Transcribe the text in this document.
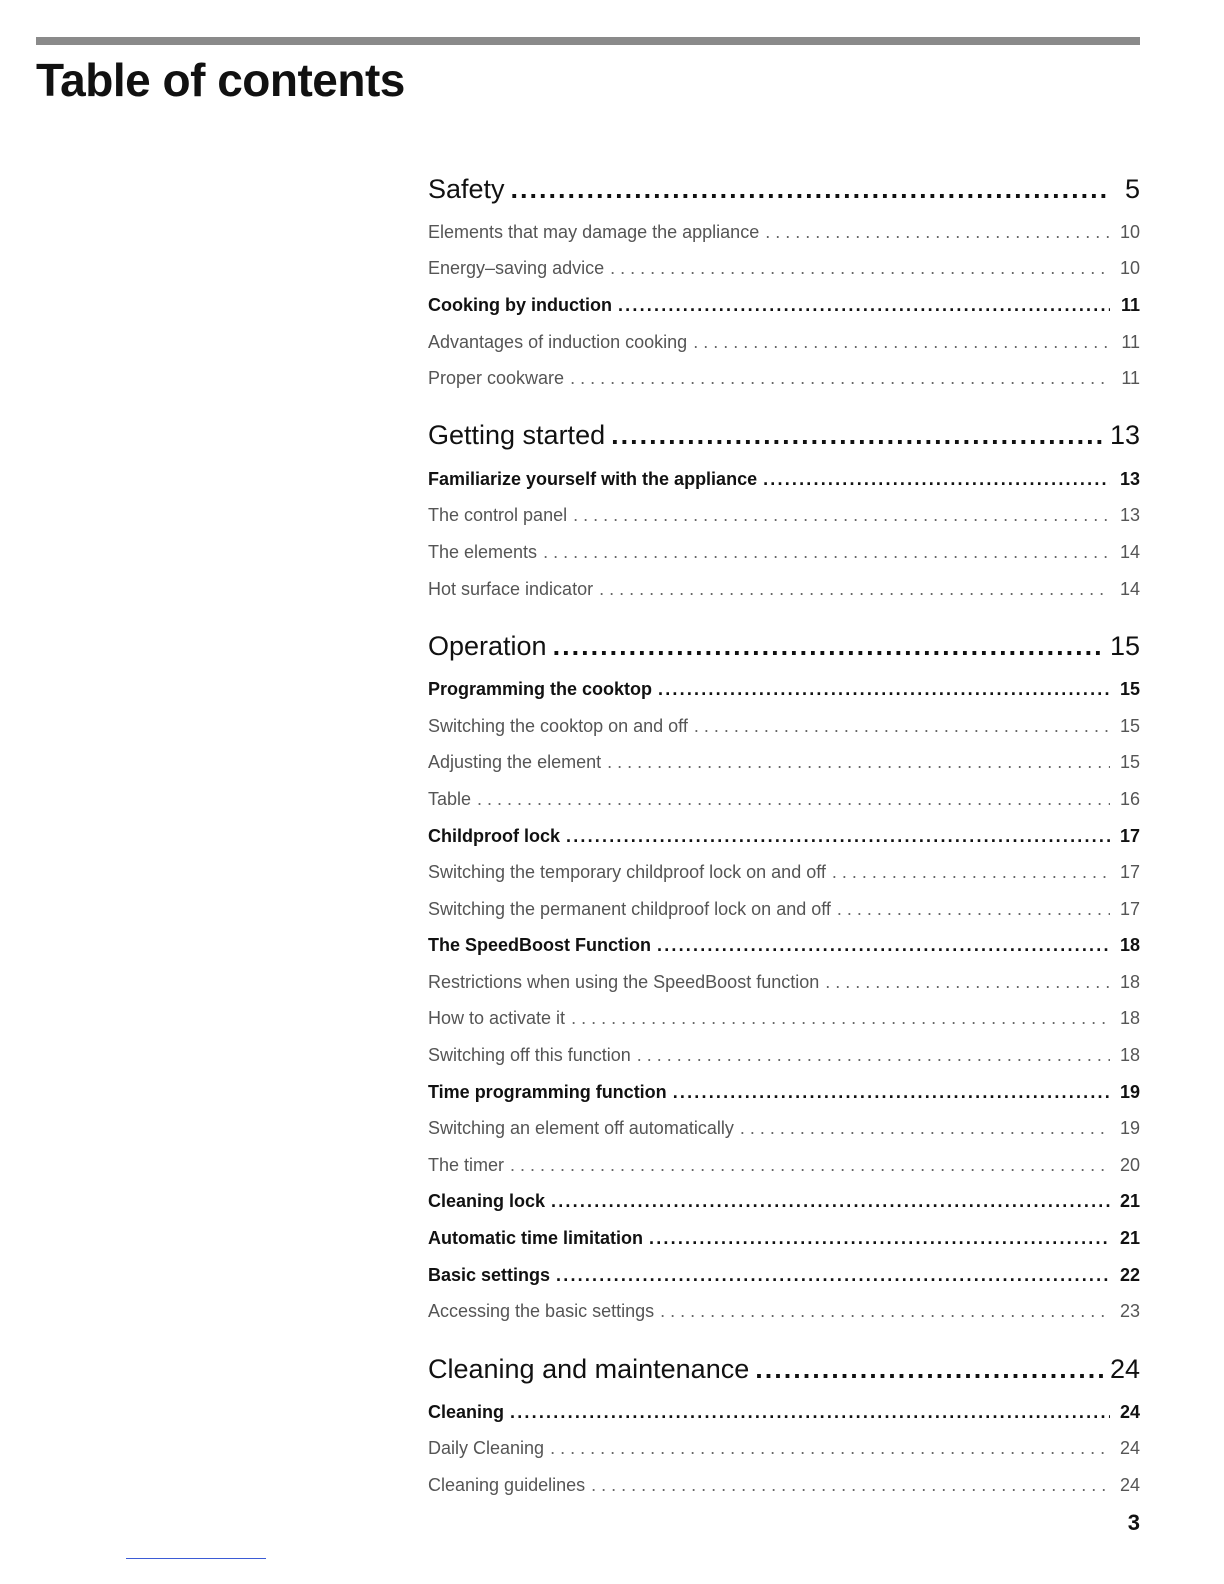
Table of contents
Safety .....	5
Elements that may damage the appliance . . .	10
Energy–saving advice . . .	10
Cooking by induction .....	11
Advantages of induction cooking . . .	11
Proper cookware . . .	11
Getting started .....	13
Familiarize yourself with the appliance .....	13
The control panel . . .	13
The elements . . .	14
Hot surface indicator . . .	14
Operation .....	15
Programming the cooktop .....	15
Switching the cooktop on and off . . .	15
Adjusting the element . . .	15
Table . . .	16
Childproof lock .....	17
Switching the temporary childproof lock on and off . . .	17
Switching the permanent childproof lock on and off . . .	17
The SpeedBoost Function .....	18
Restrictions when using the SpeedBoost function . . .	18
How to activate it . . .	18
Switching off this function . . .	18
Time programming function .....	19
Switching an element off automatically . . .	19
The timer . . .	20
Cleaning lock .....	21
Automatic time limitation .....	21
Basic settings .....	22
Accessing the basic settings . . .	23
Cleaning and maintenance .....	24
Cleaning .....	24
Daily Cleaning . . .	24
Cleaning guidelines . . .	24
3
